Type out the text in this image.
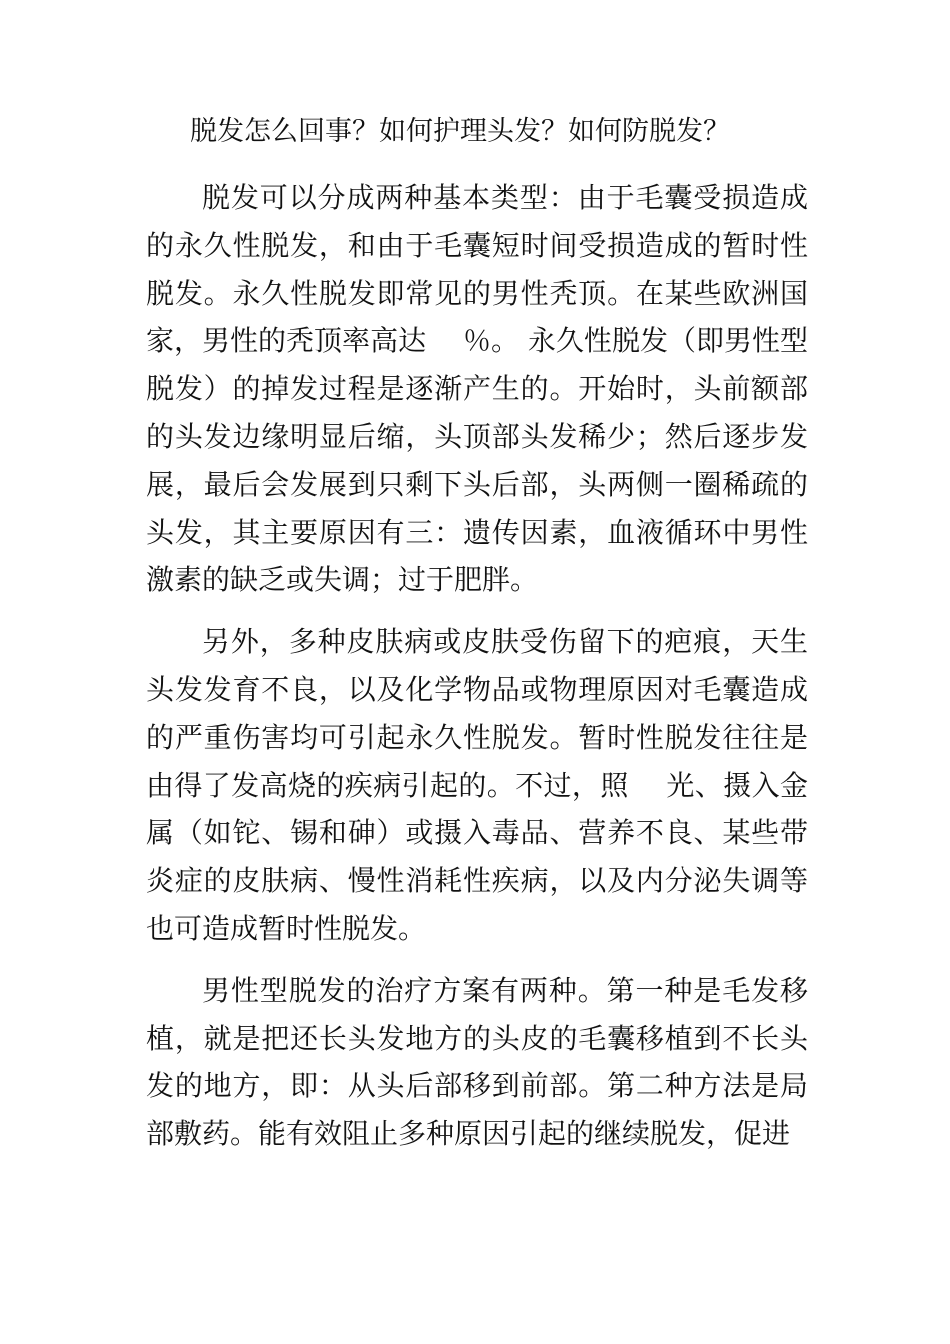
脱发怎么回事？如何护理头发？如何防脱发？

脱发可以分成两种基本类型：由于毛囊受损造成的永久性脱发，和由于毛囊短时间受损造成的暂时性脱发。永久性脱发即常见的男性秃顶。在某些欧洲国家，男性的秃顶率高达　 ％。 永久性脱发（即男性型脱发）的掉发过程是逐渐产生的。开始时，头前额部的头发边缘明显后缩，头顶部头发稀少；然后逐步发展，最后会发展到只剩下头后部，头两侧一圈稀疏的头发，其主要原因有三：遗传因素，血液循环中男性激素的缺乏或失调；过于肥胖。

另外，多种皮肤病或皮肤受伤留下的疤痕，天生头发发育不良，以及化学物品或物理原因对毛囊造成的严重伤害均可引起永久性脱发。暂时性脱发往往是由得了发高烧的疾病引起的。不过，照　 光、摄入金属（如铊、锡和砷）或摄入毒品、营养不良、某些带炎症的皮肤病、慢性消耗性疾病，以及内分泌失调等也可造成暂时性脱发。

男性型脱发的治疗方案有两种。第一种是毛发移植，就是把还长头发地方的头皮的毛囊移植到不长头发的地方，即：从头后部移到前部。第二种方法是局部敷药。能有效阻止多种原因引起的继续脱发，促进
